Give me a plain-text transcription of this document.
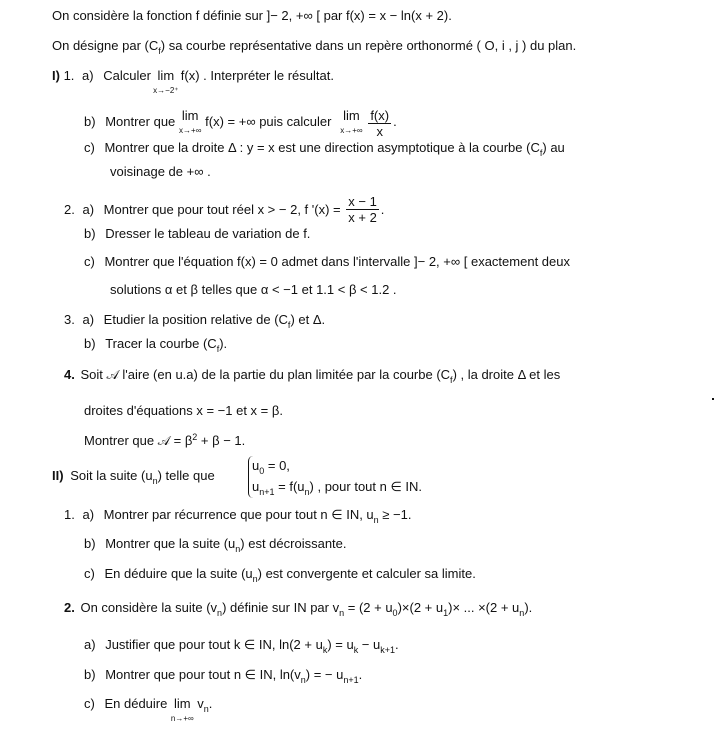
On considère la fonction f définie sur ]− 2, +∞ [ par f(x) = x − ln(x + 2).
On désigne par $(C_f)$ sa courbe représentative dans un repère orthonormé ( O, i , j ) du plan.
I) 1. a) Calculer lim
x→−2⁺
f(x) . Interpréter le résultat.
b) Montrer que lim
x→+∞
f(x) = +∞ puis calculer lim
x→+∞
$\frac{f(x)}{x}$ .
c) Montrer que la droite Δ : y = x est une direction asymptotique à la courbe $(C_f)$ au
voisinage de +∞ .
2. a) Montrer que pour tout réel x > − 2, f '$(x) = \frac{x - 1}{x + 2}$ .
b) Dresser le tableau de variation de f.
c) Montrer que l'équation f(x) = 0 admet dans l'intervalle ]− 2, +∞ [ exactement deux
solutions α et β telles que α < −1 et 1.1 < β < 1.2 .
3. a) Etudier la position relative de $(C_f)$ et Δ.
b) Tracer la courbe $(C_f)$.
4. Soit 𝒜 l'aire (en u.a) de la partie du plan limitée par la courbe $(C_f)$ , la droite Δ et les
droites d'équations x = −1 et x = β.
Montrer que 𝒜 = $\beta^2 + \beta - 1$.
II) Soit la suite $(u_n)$ telle que
$u_0 = 0$,
$u_{n+1} = f(u_n)$ , pour tout n ∈ IN.
1. a) Montrer par récurrence que pour tout n ∈ IN, $u_n \ge -1$.
b) Montrer que la suite $(u_n)$ est décroissante.
c) En déduire que la suite $(u_n)$ est convergente et calculer sa limite.
2. On considère la suite $(v_n)$ définie sur IN par $v_n = (2 + u_0)\times(2 + u_1)\times$ ... $\times(2 + u_n)$.
a) Justifier que pour tout k ∈ IN, $\ln(2 + u_k) = u_k - u_{k+1}$.
b) Montrer que pour tout n ∈ IN, $\ln(v_n)$ = − $u_{n+1}$.
c) En déduire lim
n→+∞
$v_n$.
